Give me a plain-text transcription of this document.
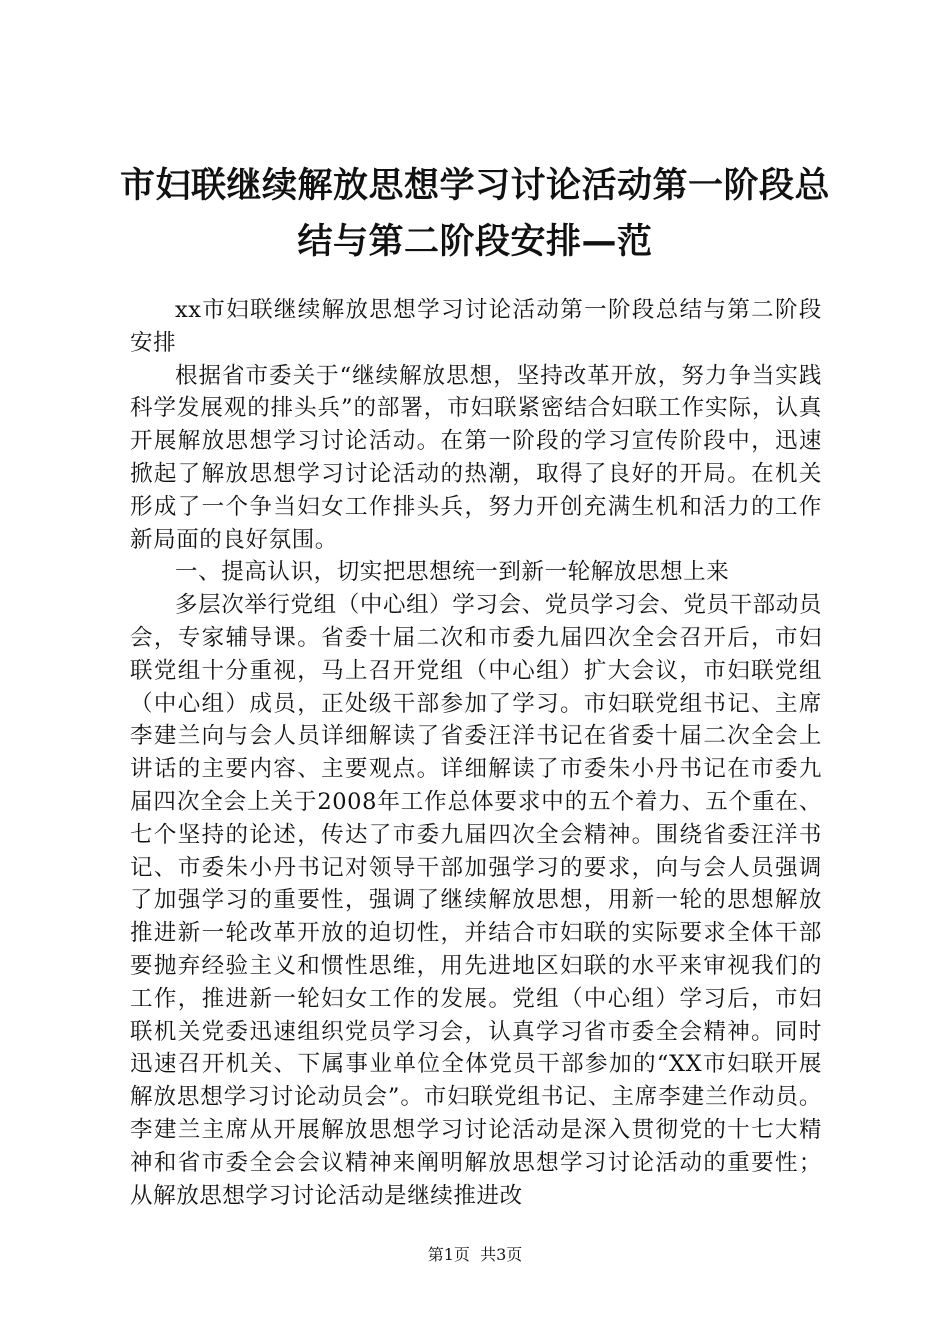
市妇联继续解放思想学习讨论活动第一阶段总结与第二阶段安排—范

xx市妇联继续解放思想学习讨论活动第一阶段总结与第二阶段安排

根据省市委关于“继续解放思想，坚持改革开放，努力争当实践科学发展观的排头兵”的部署，市妇联紧密结合妇联工作实际，认真开展解放思想学习讨论活动。在第一阶段的学习宣传阶段中，迅速掀起了解放思想学习讨论活动的热潮，取得了良好的开局。在机关形成了一个争当妇女工作排头兵，努力开创充满生机和活力的工作新局面的良好氛围。

一、提高认识，切实把思想统一到新一轮解放思想上来

多层次举行党组（中心组）学习会、党员学习会、党员干部动员会，专家辅导课。省委十届二次和市委九届四次全会召开后，市妇联党组十分重视，马上召开党组（中心组）扩大会议，市妇联党组（中心组）成员，正处级干部参加了学习。市妇联党组书记、主席李建兰向与会人员详细解读了省委汪洋书记在省委十届二次全会上讲话的主要内容、主要观点。详细解读了市委朱小丹书记在市委九届四次全会上关于2008年工作总体要求中的五个着力、五个重在、七个坚持的论述，传达了市委九届四次全会精神。围绕省委汪洋书记、市委朱小丹书记对领导干部加强学习的要求，向与会人员强调了加强学习的重要性，强调了继续解放思想，用新一轮的思想解放推进新一轮改革开放的迫切性，并结合市妇联的实际要求全体干部要抛弃经验主义和惯性思维，用先进地区妇联的水平来审视我们的工作，推进新一轮妇女工作的发展。党组（中心组）学习后，市妇联机关党委迅速组织党员学习会，认真学习省市委全会精神。同时迅速召开机关、下属事业单位全体党员干部参加的“XX市妇联开展解放思想学习讨论动员会”。市妇联党组书记、主席李建兰作动员。李建兰主席从开展解放思想学习讨论活动是深入贯彻党的十七大精神和省市委全会会议精神来阐明解放思想学习讨论活动的重要性；从解放思想学习讨论活动是继续推进改

第1页  共3页
